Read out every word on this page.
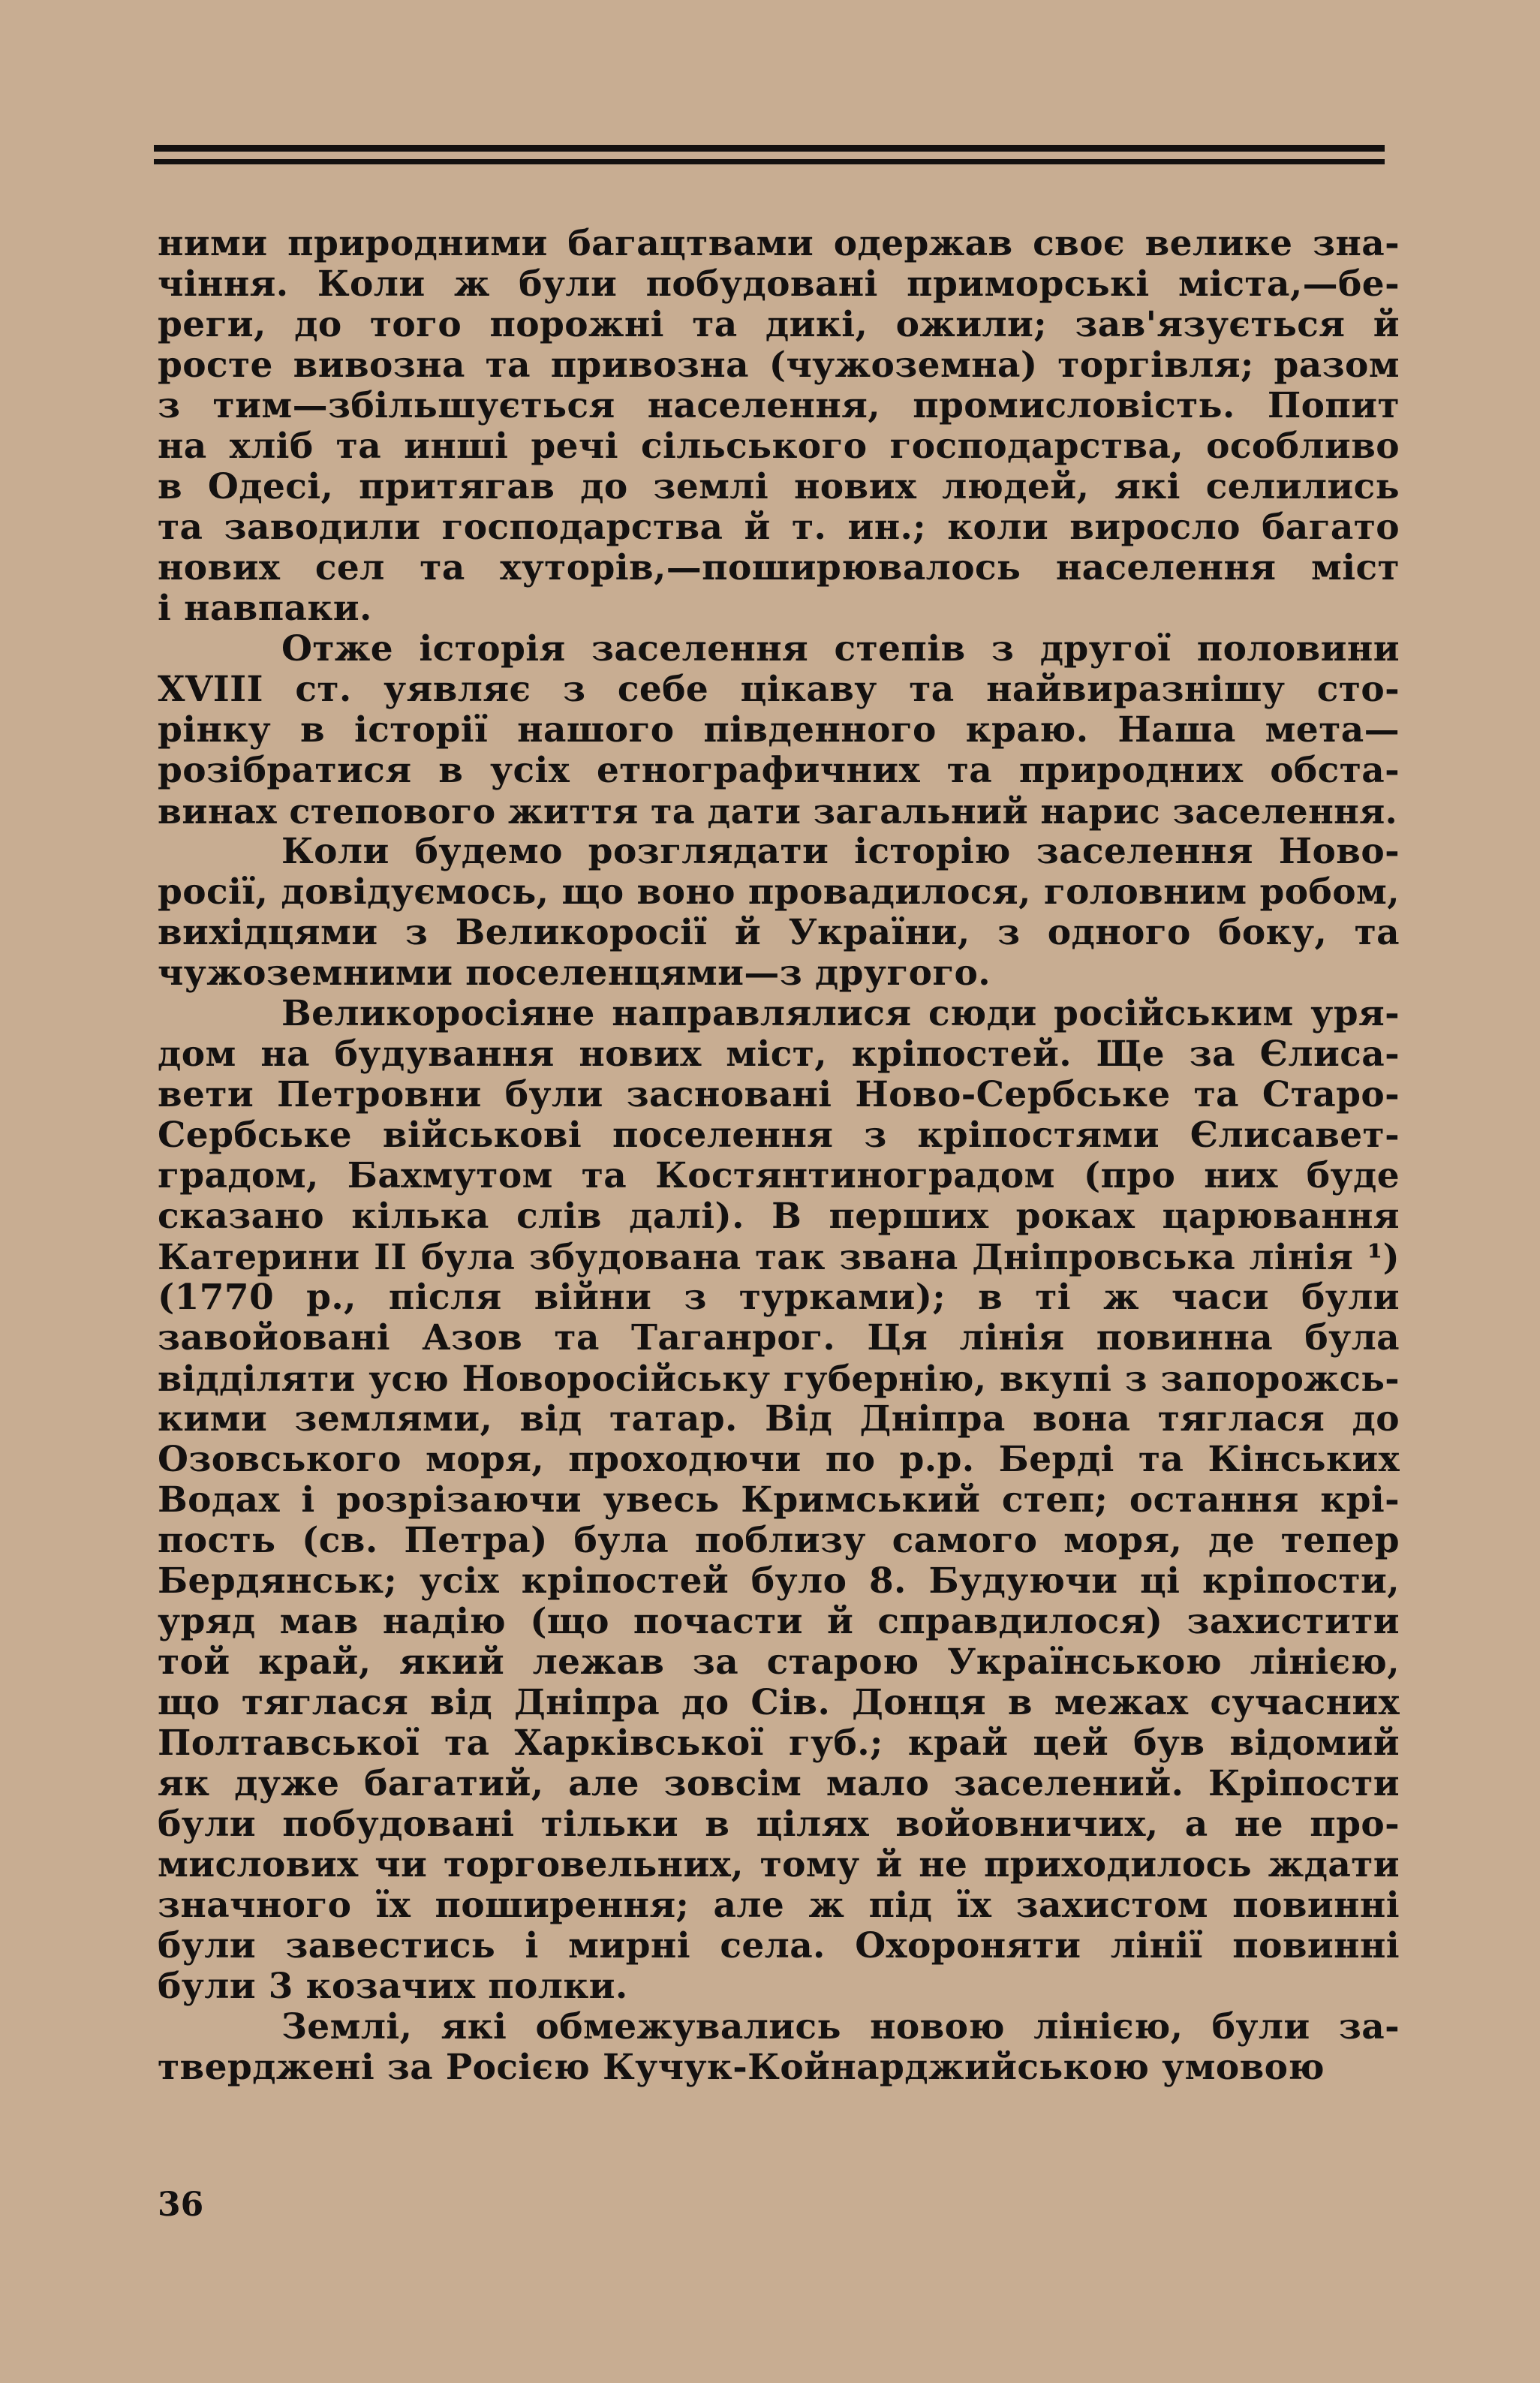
ними природними багацтвами одержав своє велике зна-

чіння. Коли ж були побудовані приморські міста,—бе-

реги, до того порожні та дикі, ожили; зав'язується й

росте вивозна та привозна (чужоземна) торгівля; разом

з тим—збільшується населення, промисловість. Попит

на хліб та инші речі сільського господарства, особливо

в Одесі, притягав до землі нових людей, які селились

та заводили господарства й т. ин.; коли виросло багато

нових сел та хуторів,—поширювалось населення міст

і навпаки.

Отже історія заселення степів з другої половини

XVIII ст. уявляє з себе цікаву та найвиразнішу сто-

рінку в історії нашого південного краю. Наша мета—

розібратися в усіх етнографичних та природних обста-

винах степового життя та дати загальний нарис заселення.

Коли будемо розглядати історію заселення Ново-

росії, довідуємось, що воно провадилося, головним робом,

вихідцями з Великоросії й України, з одного боку, та

чужоземними поселенцями—з другого.

Великоросіяне направлялися сюди російським уря-

дом на будування нових міст, кріпостей. Ще за Єлиса-

вети Петровни були засновані Ново-Сербське та Старо-

Сербське військові поселення з кріпостями Єлисавет-

градом, Бахмутом та Костянтиноградом (про них буде

сказано кілька слів далі). В перших роках царювання

Катерини II була збудована так звана Дніпровська лінія ¹)

(1770 р., після війни з турками); в ті ж часи були

завойовані Азов та Таганрог. Ця лінія повинна була

відділяти усю Новоросійську губернію, вкупі з запорожсь-

кими землями, від татар. Від Дніпра вона тяглася до

Озовського моря, проходючи по р.р. Берді та Кінських

Водах і розрізаючи увесь Кримський степ; остання крі-

пость (св. Петра) була поблизу самого моря, де тепер

Бердянськ; усіх кріпостей було 8. Будуючи ці кріпости,

уряд мав надію (що почасти й справдилося) захистити

той край, який лежав за старою Українською лінією,

що тяглася від Дніпра до Сів. Донця в межах сучасних

Полтавської та Харківської губ.; край цей був відомий

як дуже багатий, але зовсім мало заселений. Кріпости

були побудовані тільки в цілях войовничих, а не про-

мислових чи торговельних, тому й не приходилось ждати

значного їх поширення; але ж під їх захистом повинні

були завестись і мирні села. Охороняти лінії повинні

були 3 козачих полки.

Землі, які обмежувались новою лінією, були за-

тверджені за Росією Кучук-Койнарджийською умовою

36
